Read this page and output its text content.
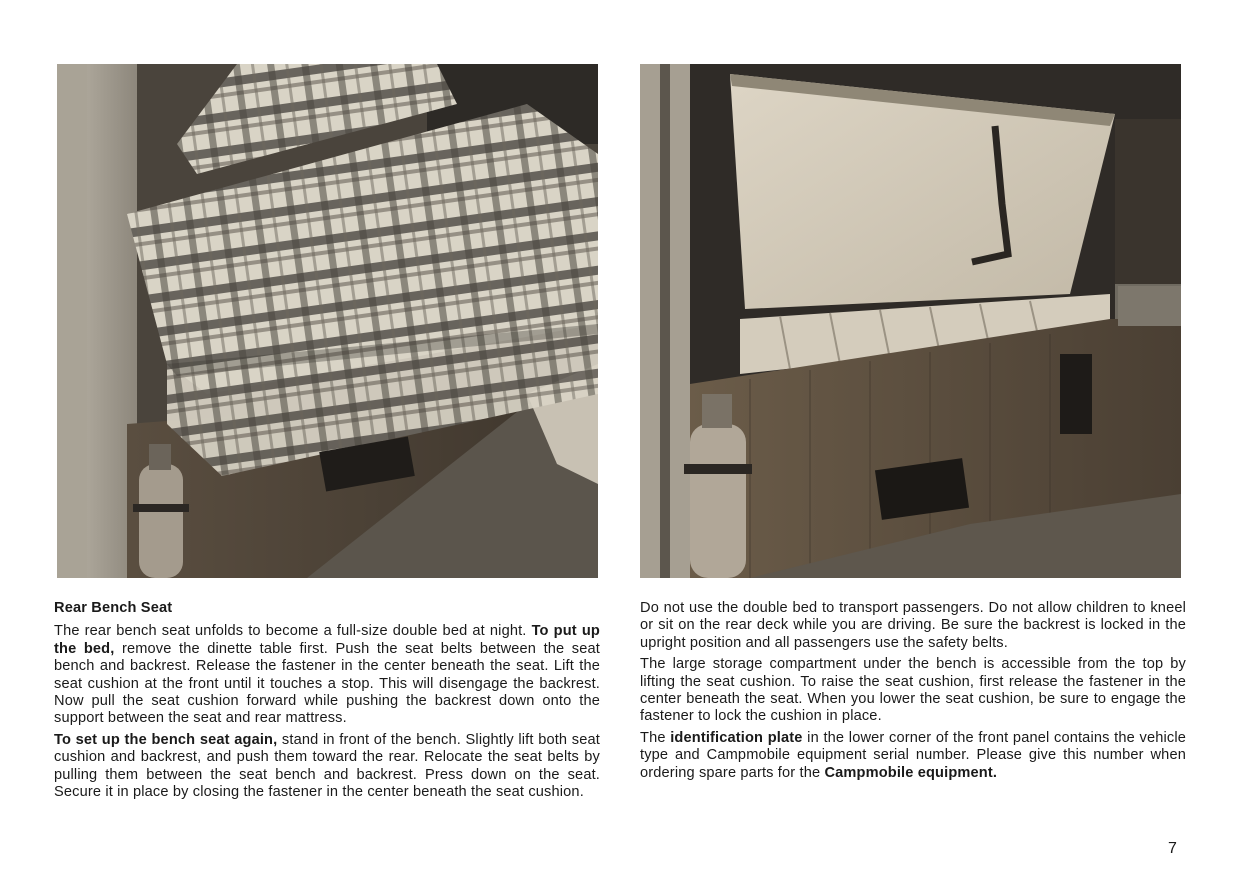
Rear Bench Seat

The rear bench seat unfolds to become a full-size double bed at night. To put up the bed, remove the dinette table first. Push the seat belts between the seat bench and backrest. Release the fastener in the center beneath the seat. Lift the seat cushion at the front until it touches a stop. This will disengage the backrest. Now pull the seat cushion forward while pushing the backrest down onto the support between the seat and rear mattress.

To set up the bench seat again, stand in front of the bench. Slightly lift both seat cushion and backrest, and push them toward the rear. Relocate the seat belts by pulling them between the seat bench and backrest. Press down on the seat. Secure it in place by closing the fastener in the center beneath the seat cushion.

Do not use the double bed to transport passengers. Do not allow children to kneel or sit on the rear deck while you are driving. Be sure the backrest is locked in the upright position and all passengers use the safety belts.

The large storage compartment under the bench is accessible from the top by lifting the seat cushion. To raise the seat cushion, first release the fastener in the center beneath the seat. When you lower the seat cushion, be sure to engage the fastener to lock the cushion in place.

The identification plate in the lower corner of the front panel contains the vehicle type and Campmobile equipment serial number. Please give this number when ordering spare parts for the Campmobile equipment.

7
